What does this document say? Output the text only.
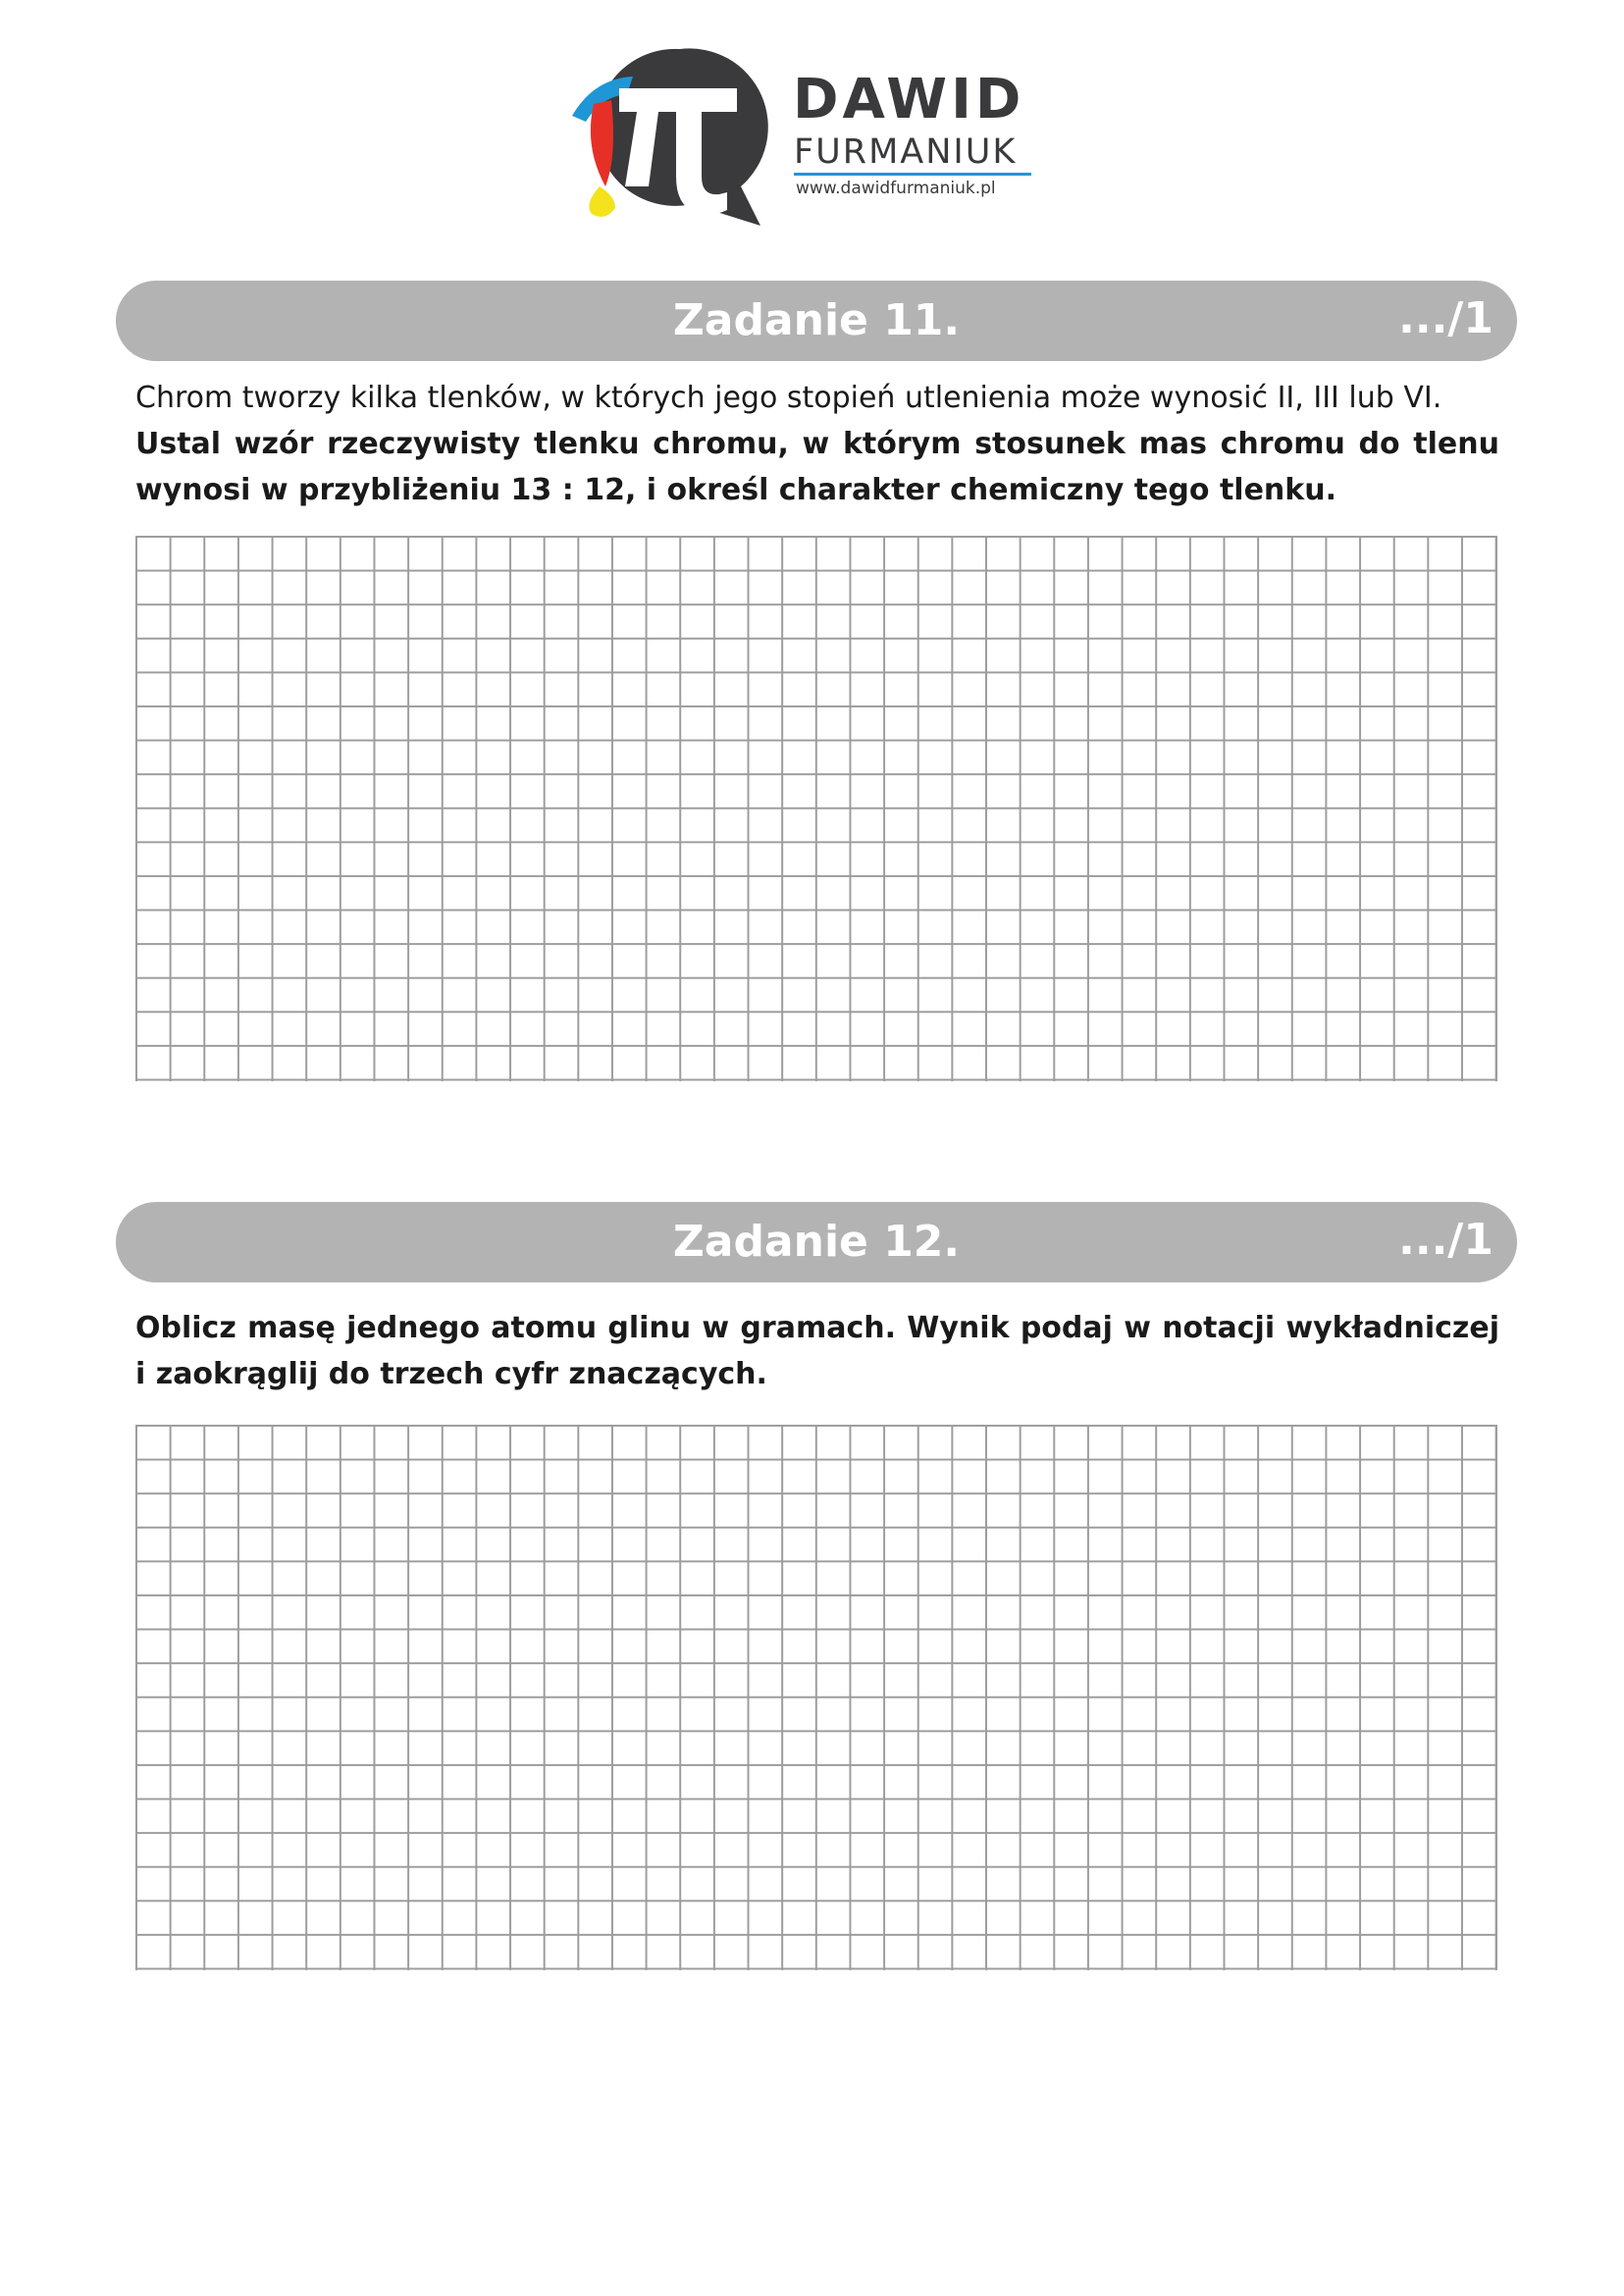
DAWID
FURMANIUK
www.dawidfurmaniuk.pl
Zadanie 11.	.../1
Chrom tworzy kilka tlenków, w których jego stopień utlenienia może wynosić II, III lub VI.
Ustal wzór rzeczywisty tlenku chromu, w którym stosunek mas chromu do tlenu wynosi w przybliżeniu 13 : 12, i określ charakter chemiczny tego tlenku.
Zadanie 12.	.../1
Oblicz masę jednego atomu glinu w gramach. Wynik podaj w notacji wykładniczej i zaokrąglij do trzech cyfr znaczących.
